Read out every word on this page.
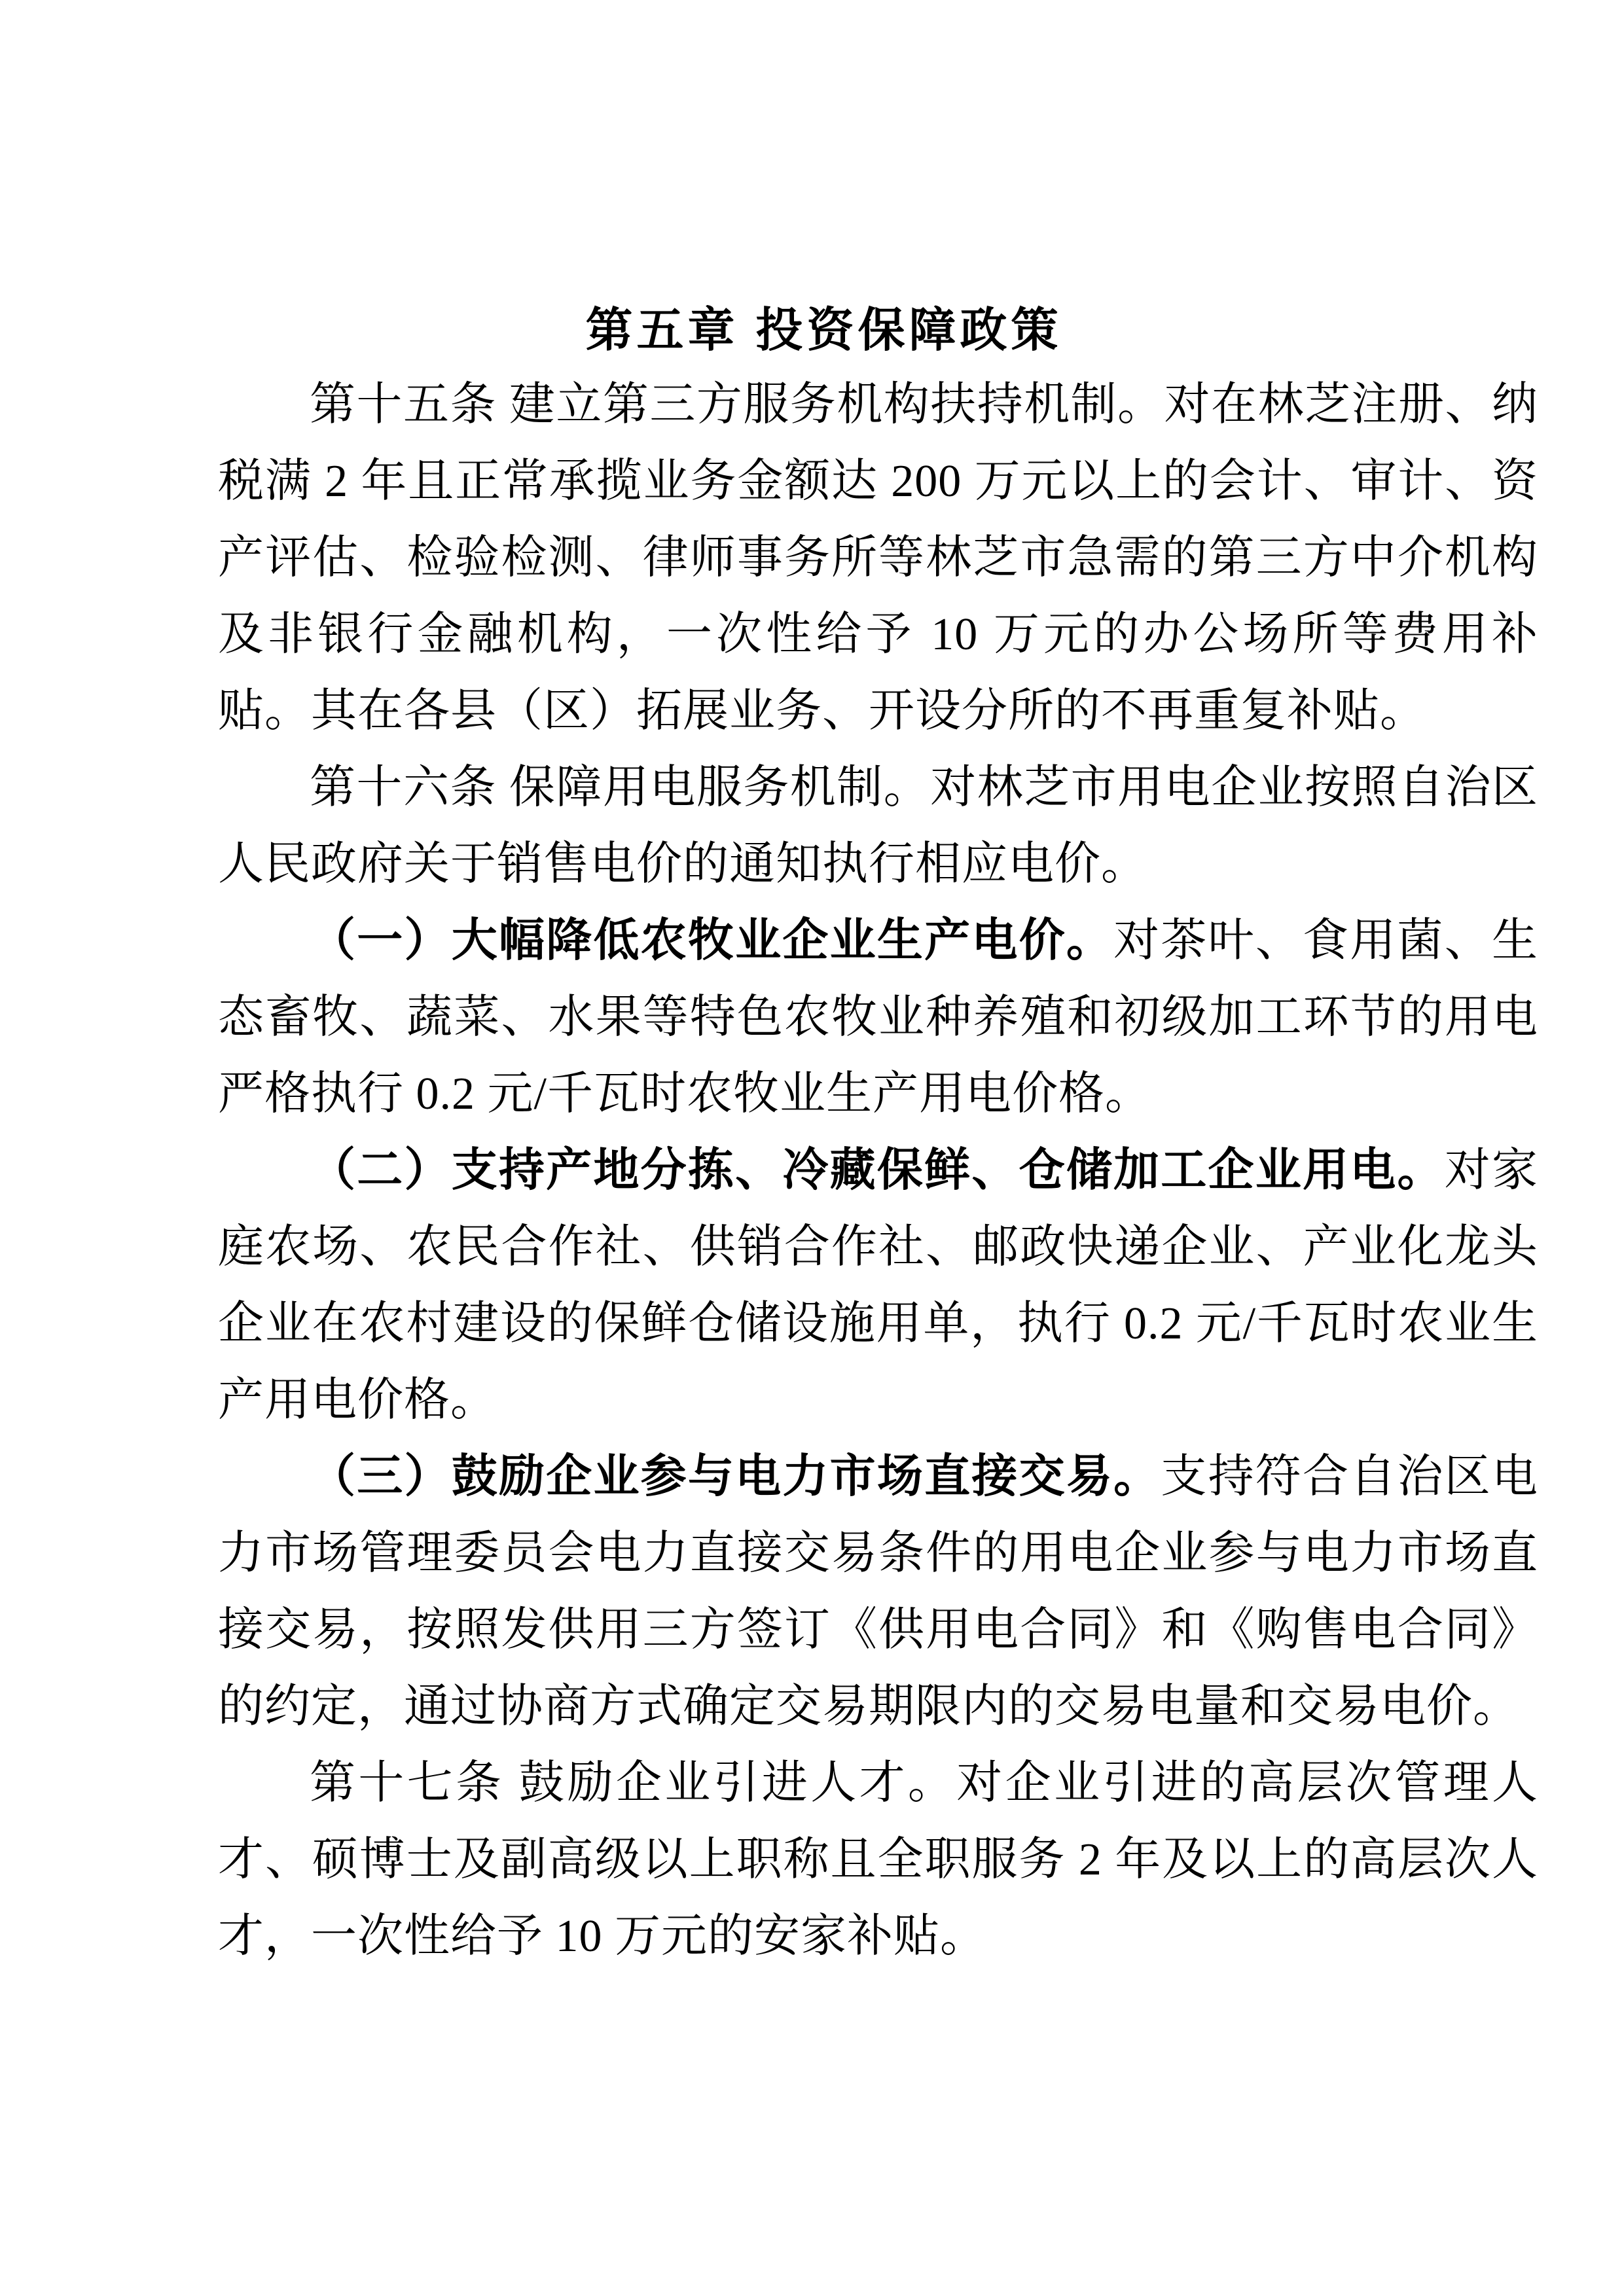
第五章 投资保障政策

第十五条 建立第三方服务机构扶持机制。对在林芝注册、纳税满 2 年且正常承揽业务金额达 200 万元以上的会计、审计、资产评估、检验检测、律师事务所等林芝市急需的第三方中介机构及非银行金融机构，一次性给予 10 万元的办公场所等费用补贴。其在各县（区）拓展业务、开设分所的不再重复补贴。

第十六条 保障用电服务机制。对林芝市用电企业按照自治区人民政府关于销售电价的通知执行相应电价。

（一）大幅降低农牧业企业生产电价。对茶叶、食用菌、生态畜牧、蔬菜、水果等特色农牧业种养殖和初级加工环节的用电严格执行 0.2 元/千瓦时农牧业生产用电价格。

（二）支持产地分拣、冷藏保鲜、仓储加工企业用电。对家庭农场、农民合作社、供销合作社、邮政快递企业、产业化龙头企业在农村建设的保鲜仓储设施用单，执行 0.2 元/千瓦时农业生产用电价格。

（三）鼓励企业参与电力市场直接交易。支持符合自治区电力市场管理委员会电力直接交易条件的用电企业参与电力市场直接交易，按照发供用三方签订《供用电合同》和《购售电合同》的约定，通过协商方式确定交易期限内的交易电量和交易电价。

第十七条 鼓励企业引进人才。对企业引进的高层次管理人才、硕博士及副高级以上职称且全职服务 2 年及以上的高层次人才，一次性给予 10 万元的安家补贴。
